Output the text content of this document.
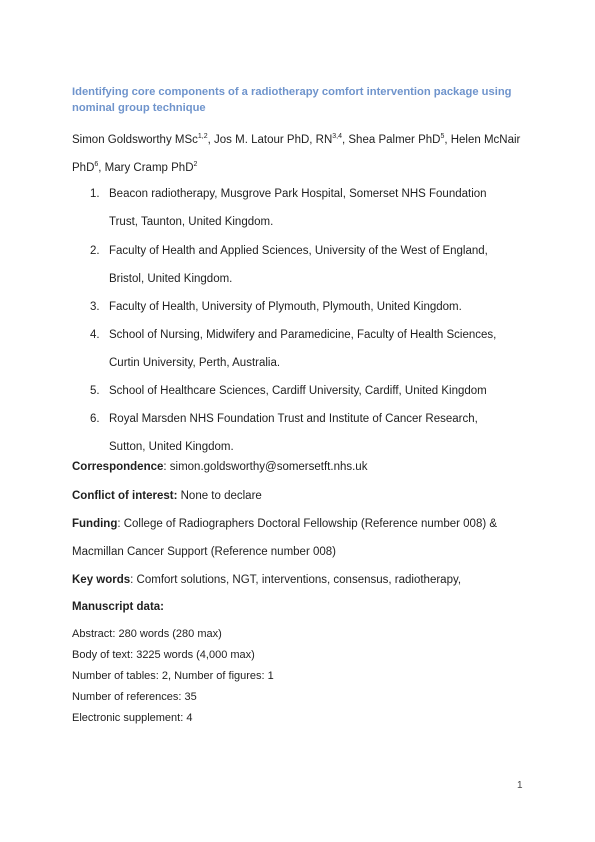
Identifying core components of a radiotherapy comfort intervention package using nominal group technique
Simon Goldsworthy MSc$^{1,2}$, Jos M. Latour PhD, RN$^{3,4}$, Shea Palmer PhD$^5$, Helen McNair PhD$^6$, Mary Cramp PhD$^2$
1. Beacon radiotherapy, Musgrove Park Hospital, Somerset NHS Foundation
Trust, Taunton, United Kingdom.
2. Faculty of Health and Applied Sciences, University of the West of England,
Bristol, United Kingdom.
3. Faculty of Health, University of Plymouth, Plymouth, United Kingdom.
4. School of Nursing, Midwifery and Paramedicine, Faculty of Health Sciences,
Curtin University, Perth, Australia.
5. School of Healthcare Sciences, Cardiff University, Cardiff, United Kingdom
6. Royal Marsden NHS Foundation Trust and Institute of Cancer Research,
Sutton, United Kingdom.
Correspondence: simon.goldsworthy@somersetft.nhs.uk
Conflict of interest: None to declare
Funding: College of Radiographers Doctoral Fellowship (Reference number 008) &
Macmillan Cancer Support (Reference number 008)
Key words: Comfort solutions, NGT, interventions, consensus, radiotherapy,
Manuscript data:
Abstract: 280 words (280 max)
Body of text: 3225 words (4,000 max)
Number of tables: 2, Number of figures: 1
Number of references: 35
Electronic supplement: 4
1
